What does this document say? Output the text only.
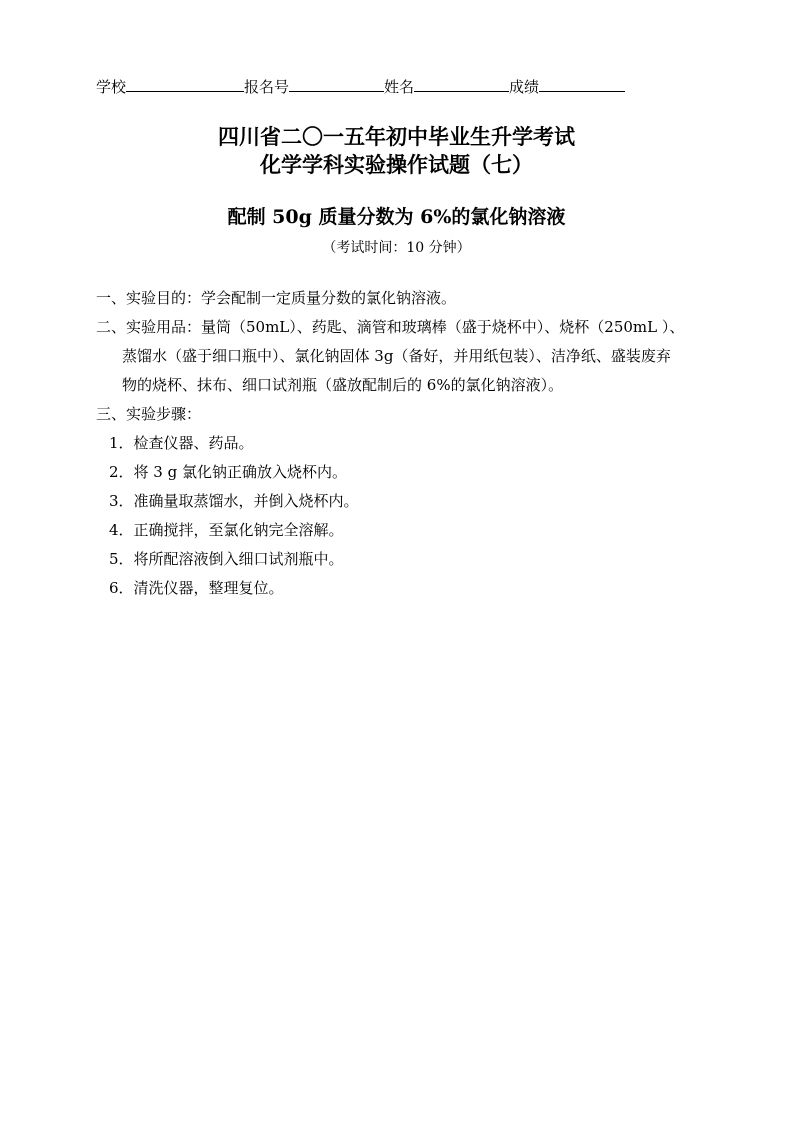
学校	报名号	姓名	成绩
四川省二〇一五年初中毕业生升学考试
化学学科实验操作试题（七）
配制 50g 质量分数为 6%的氯化钠溶液
（考试时间：10 分钟）
一、实验目的：学会配制一定质量分数的氯化钠溶液。
二、实验用品：量筒（50mL）、药匙、滴管和玻璃棒（盛于烧杯中）、烧杯（250mL ）、
蒸馏水（盛于细口瓶中）、氯化钠固体 3g（备好，并用纸包装）、洁净纸、盛装废弃
物的烧杯、抹布、细口试剂瓶（盛放配制后的 6%的氯化钠溶液）。
三、实验步骤：
1．检查仪器、药品。
2．将 3 g 氯化钠正确放入烧杯内。
3．准确量取蒸馏水，并倒入烧杯内。
4．正确搅拌，至氯化钠完全溶解。
5．将所配溶液倒入细口试剂瓶中。
6．清洗仪器，整理复位。
